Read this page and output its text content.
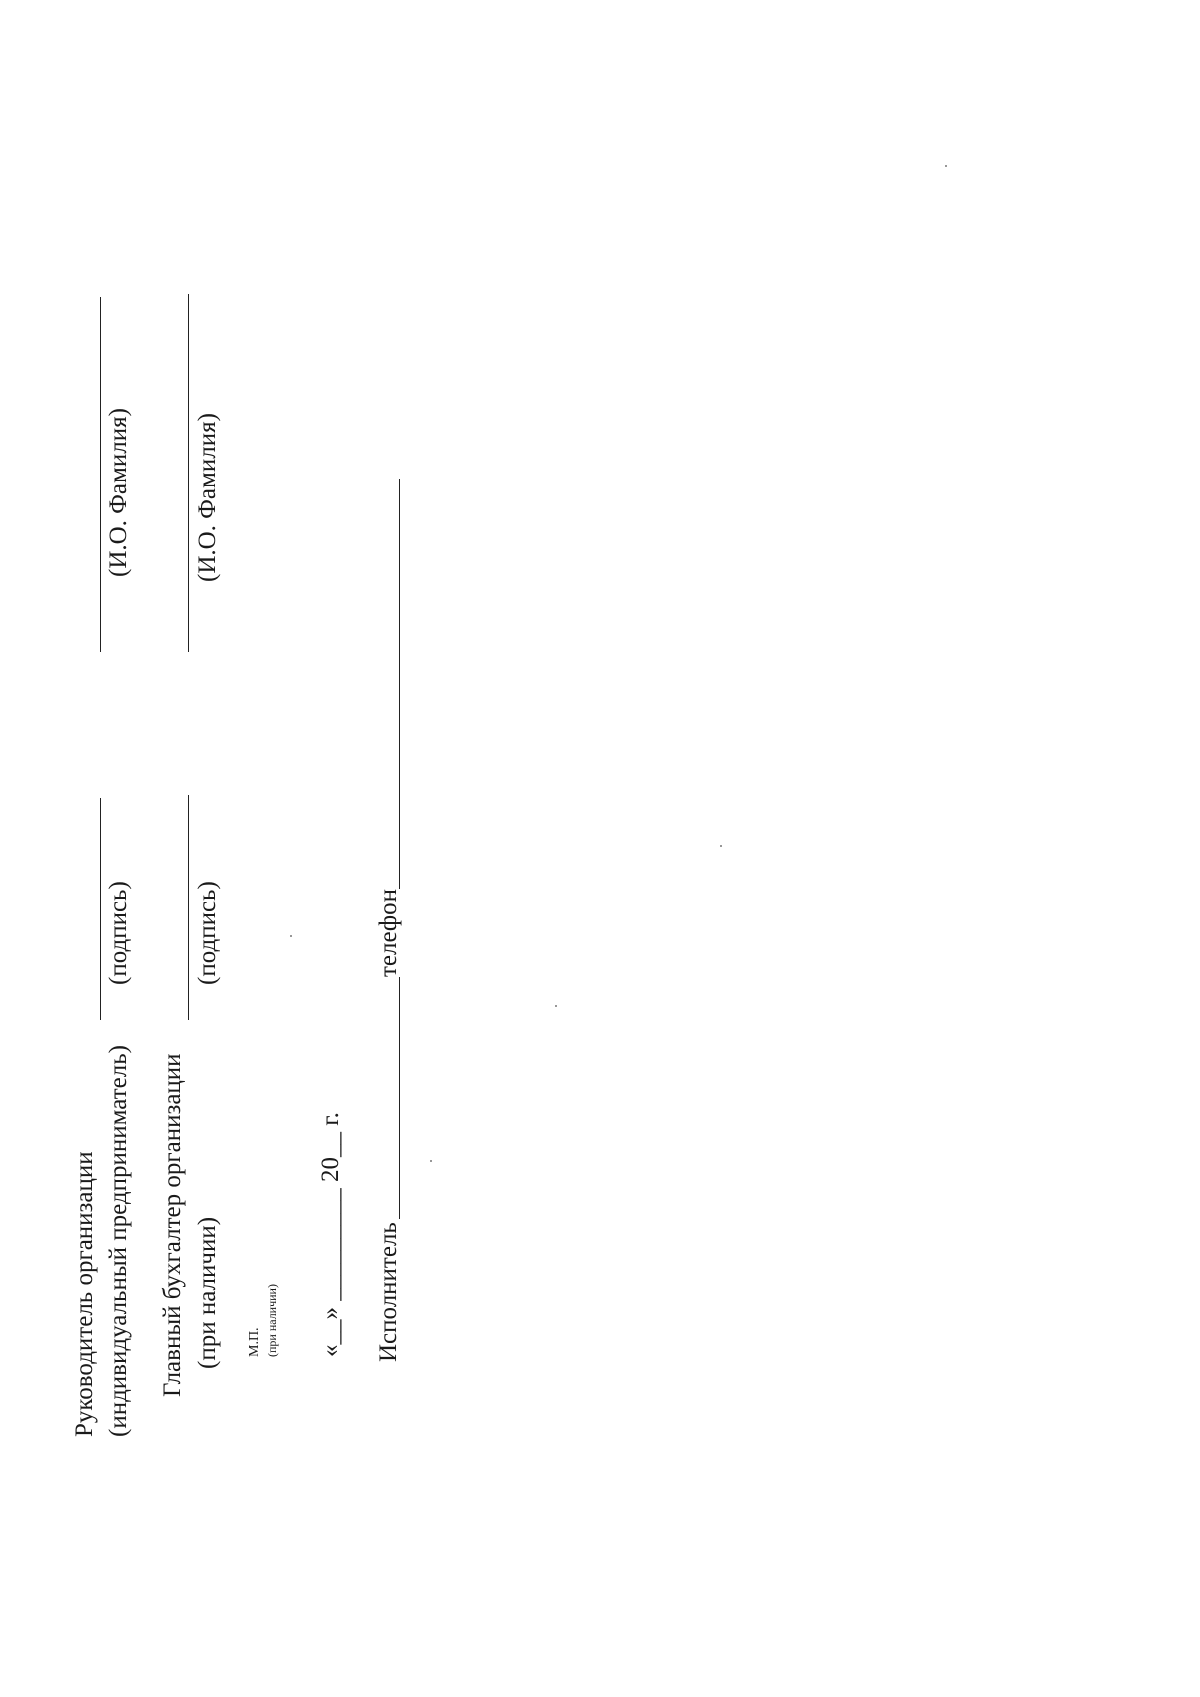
Руководитель организации (индивидуальный предприниматель)
(подпись)
(И.О. Фамилия)
Главный бухгалтер организации (при наличии)
(подпись)
(И.О. Фамилия)
М.П. (при наличии) «__» _________ 20__ г. Исполнитель
телефон
